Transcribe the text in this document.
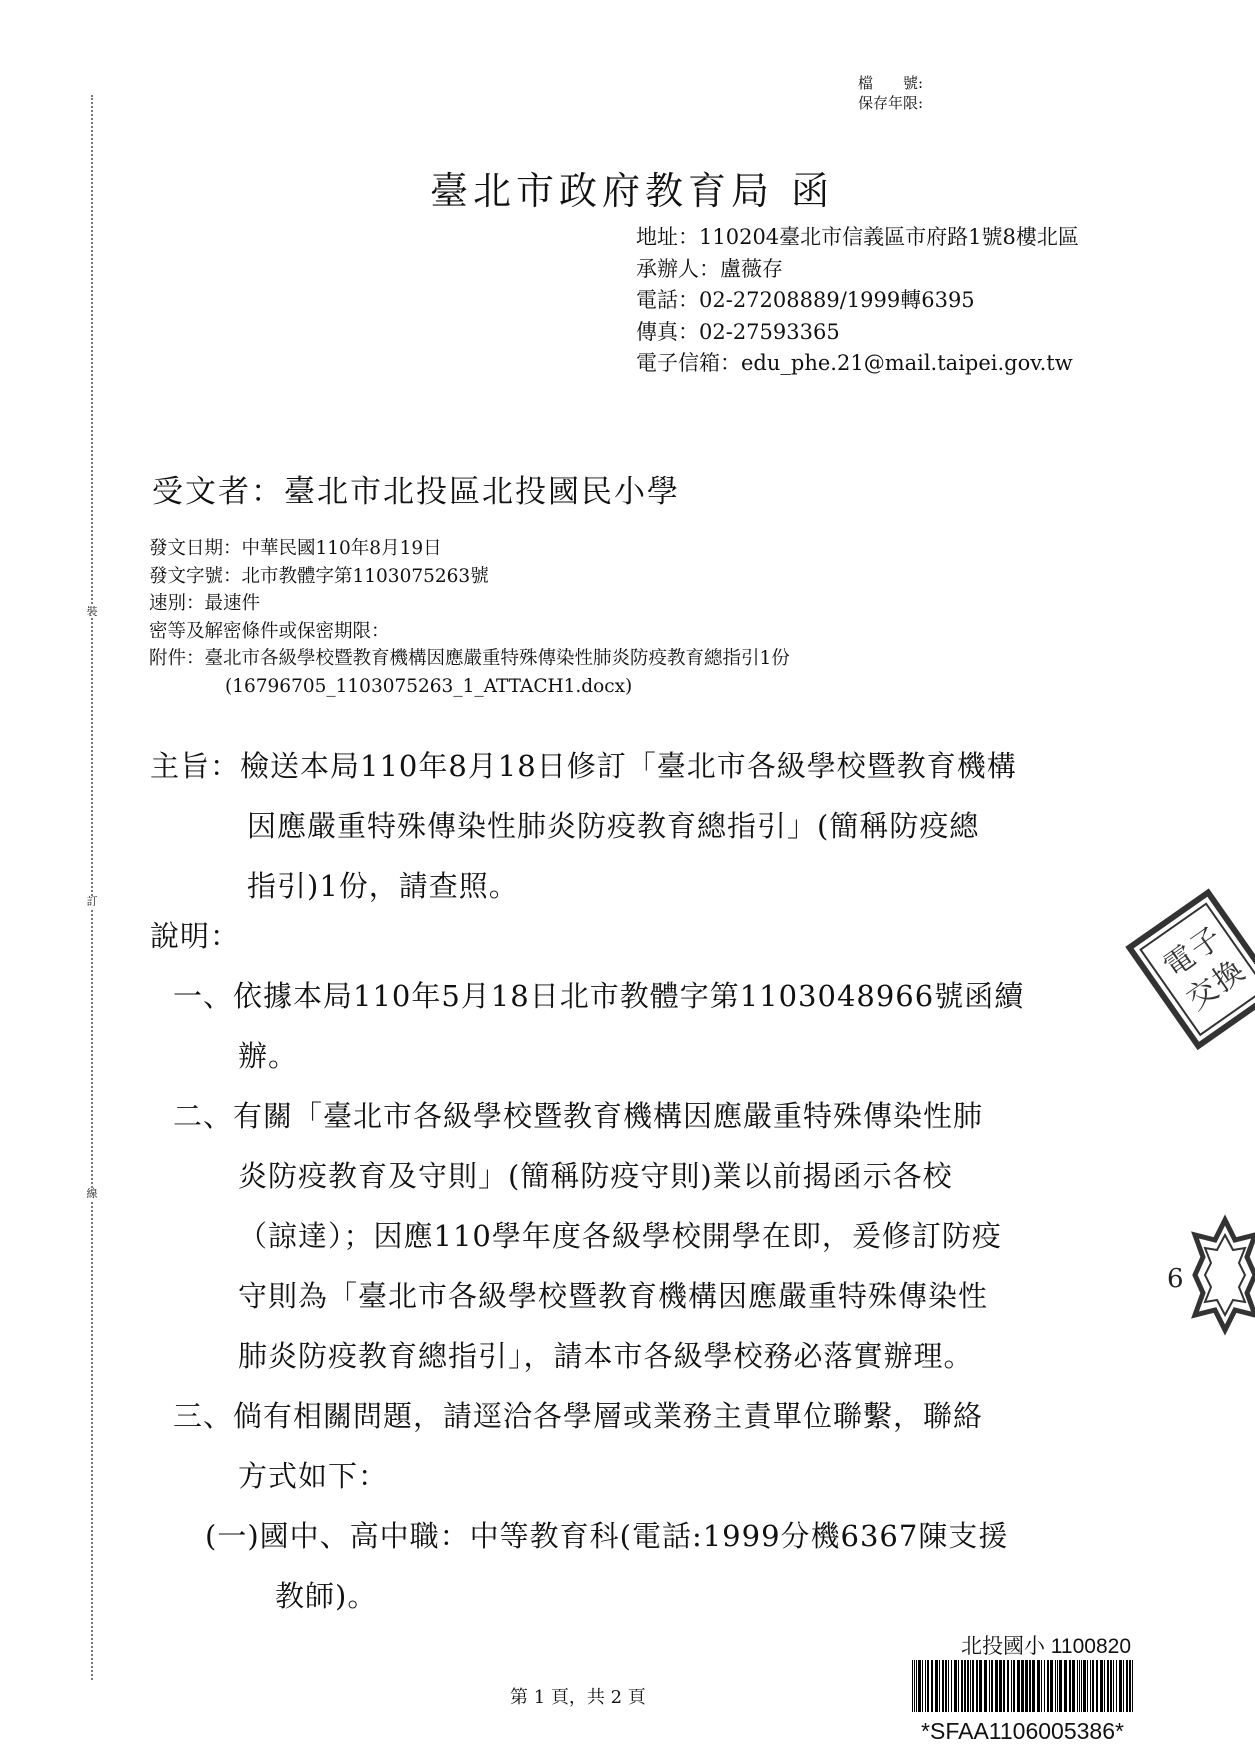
裝
訂
線
檔　　號:
保存年限:
臺北市政府教育局 函
地址：110204臺北市信義區市府路1號8樓北區
承辦人：盧薇存
電話：02-27208889/1999轉6395
傳真：02-27593365
電子信箱：edu_phe.21@mail.taipei.gov.tw
受文者：臺北市北投區北投國民小學
發文日期：中華民國110年8月19日
發文字號：北市教體字第1103075263號
速別：最速件
密等及解密條件或保密期限：
附件：臺北市各級學校暨教育機構因應嚴重特殊傳染性肺炎防疫教育總指引1份
(16796705_1103075263_1_ATTACH1.docx)
主旨：檢送本局110年8月18日修訂「臺北市各級學校暨教育機構
因應嚴重特殊傳染性肺炎防疫教育總指引」(簡稱防疫總
指引)1份，請查照。
說明：
一、依據本局110年5月18日北市教體字第1103048966號函續
辦。
二、有關「臺北市各級學校暨教育機構因應嚴重特殊傳染性肺
炎防疫教育及守則」(簡稱防疫守則)業以前揭函示各校
（諒達）；因應110學年度各級學校開學在即，爰修訂防疫
守則為「臺北市各級學校暨教育機構因應嚴重特殊傳染性
肺炎防疫教育總指引」，請本市各級學校務必落實辦理。
三、倘有相關問題，請逕洽各學層或業務主責單位聯繫，聯絡
方式如下：
(一)國中、高中職：中等教育科(電話:1999分機6367陳支援
教師)。
電
子
交
換
6
第 1 頁，共 2 頁
北投國小 1100820
*SFAA1106005386*
